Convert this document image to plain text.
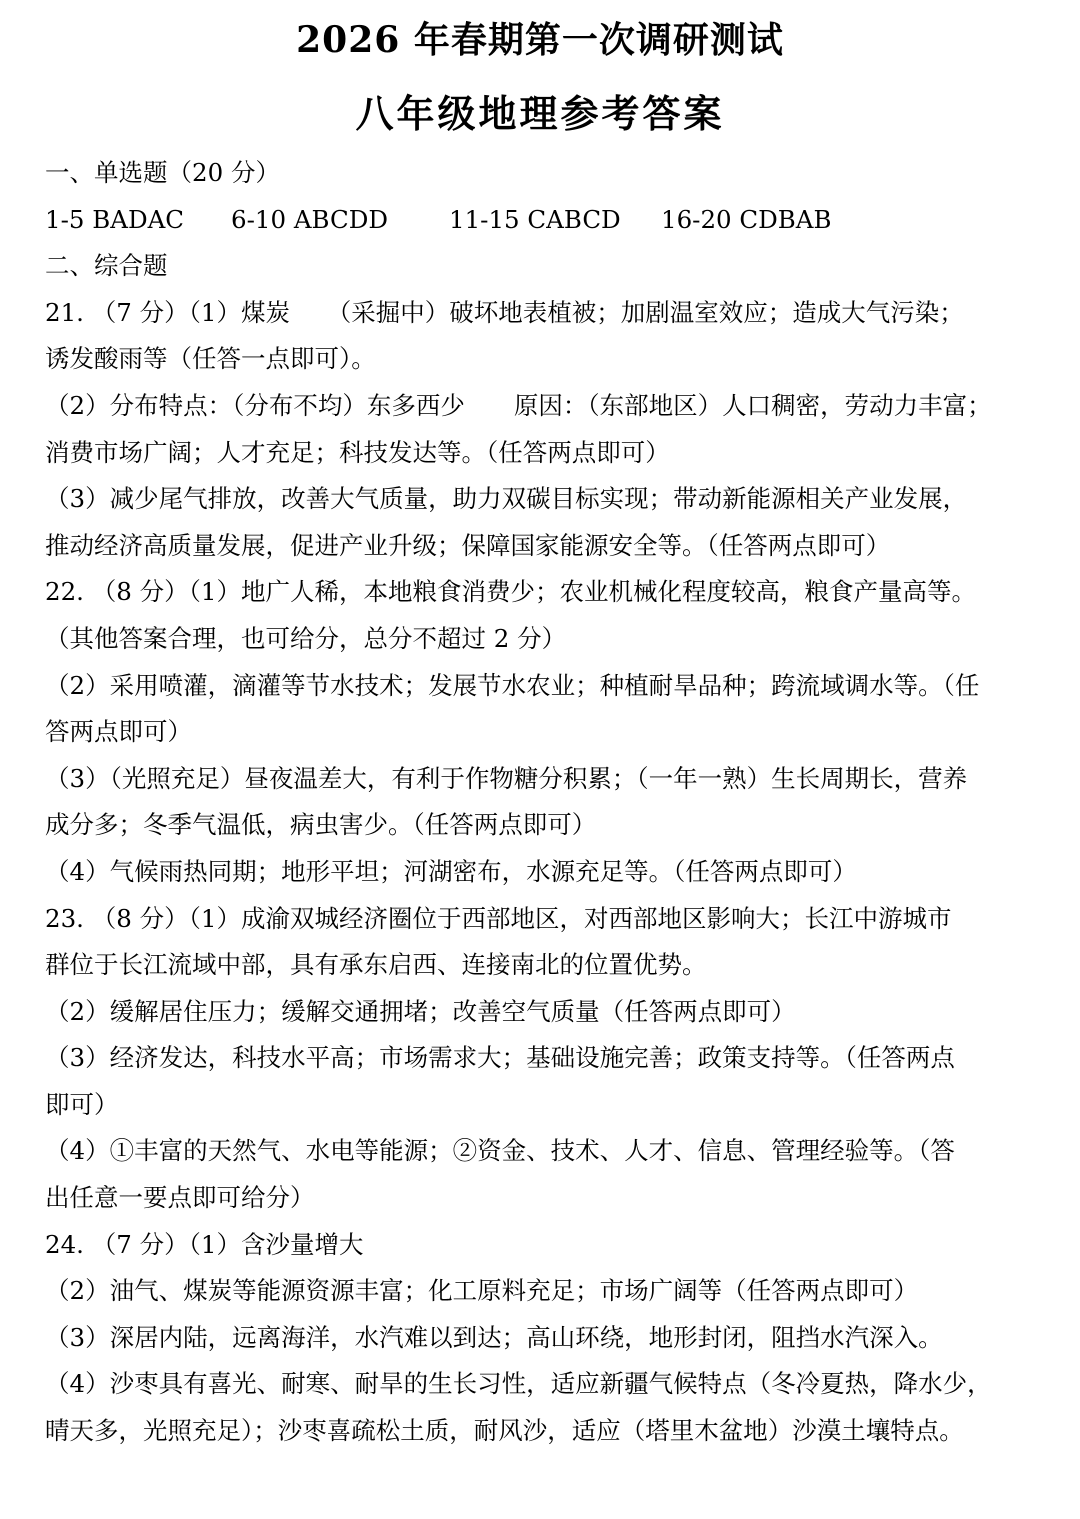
2026 年春期第一次调研测试
八年级地理参考答案
一、单选题（20 分）
1-5 BADAC	6-10 ABCDD	11-15 CABCD	16-20 CDBAB
二、综合题
21. （7 分）（1）煤炭　　（采掘中）破坏地表植被；加剧温室效应；造成大气污染；
诱发酸雨等（任答一点即可）。
（2）分布特点：（分布不均）东多西少　　原因：（东部地区）人口稠密，劳动力丰富；
消费市场广阔；人才充足；科技发达等。（任答两点即可）
（3）减少尾气排放，改善大气质量，助力双碳目标实现；带动新能源相关产业发展，
推动经济高质量发展，促进产业升级；保障国家能源安全等。（任答两点即可）
22. （8 分）（1）地广人稀，本地粮食消费少；农业机械化程度较高，粮食产量高等。
（其他答案合理，也可给分，总分不超过 2 分）
（2）采用喷灌，滴灌等节水技术；发展节水农业；种植耐旱品种；跨流域调水等。（任
答两点即可）
（3）（光照充足）昼夜温差大，有利于作物糖分积累；（一年一熟）生长周期长，营养
成分多；冬季气温低，病虫害少。（任答两点即可）
（4）气候雨热同期；地形平坦；河湖密布，水源充足等。（任答两点即可）
23. （8 分）（1）成渝双城经济圈位于西部地区，对西部地区影响大；长江中游城市
群位于长江流域中部，具有承东启西、连接南北的位置优势。
（2）缓解居住压力；缓解交通拥堵；改善空气质量（任答两点即可）
（3）经济发达，科技水平高；市场需求大；基础设施完善；政策支持等。（任答两点
即可）
（4）①丰富的天然气、水电等能源；②资金、技术、人才、信息、管理经验等。（答
出任意一要点即可给分）
24. （7 分）（1）含沙量增大
（2）油气、煤炭等能源资源丰富；化工原料充足；市场广阔等（任答两点即可）
（3）深居内陆，远离海洋，水汽难以到达；高山环绕，地形封闭，阻挡水汽深入。
（4）沙枣具有喜光、耐寒、耐旱的生长习性，适应新疆气候特点（冬冷夏热，降水少，
晴天多，光照充足）；沙枣喜疏松土质，耐风沙，适应（塔里木盆地）沙漠土壤特点。
